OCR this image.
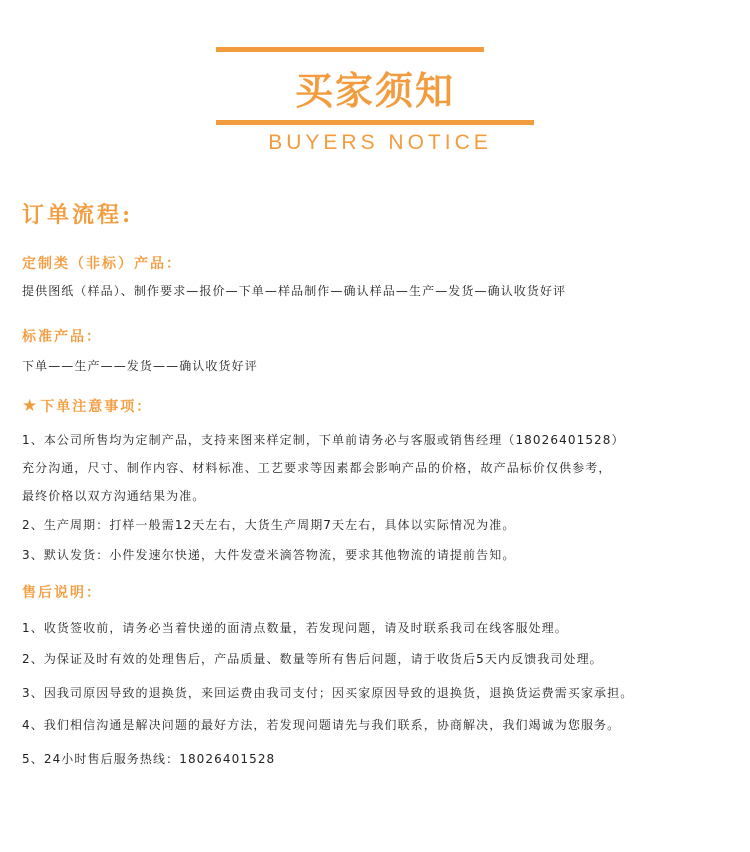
买家须知
BUYERS NOTICE
订单流程:
定制类（非标）产品：
提供图纸（样品）、制作要求—报价—下单—样品制作—确认样品—生产—发货—确认收货好评
标准产品：
下单——生产——发货——确认收货好评
★下单注意事项：
1、本公司所售均为定制产品，支持来图来样定制，下单前请务必与客服或销售经理（18026401528）
充分沟通，尺寸、制作内容、材料标准、工艺要求等因素都会影响产品的价格，故产品标价仅供参考，
最终价格以双方沟通结果为准。
2、生产周期：打样一般需12天左右，大货生产周期7天左右，具体以实际情况为准。
3、默认发货：小件发速尔快递，大件发壹米滴答物流，要求其他物流的请提前告知。
售后说明：
1、收货签收前，请务必当着快递的面清点数量，若发现问题，请及时联系我司在线客服处理。
2、为保证及时有效的处理售后，产品质量、数量等所有售后问题，请于收货后5天内反馈我司处理。
3、因我司原因导致的退换货，来回运费由我司支付；因买家原因导致的退换货，退换货运费需买家承担。
4、我们相信沟通是解决问题的最好方法，若发现问题请先与我们联系，协商解决，我们竭诚为您服务。
5、24小时售后服务热线：18026401528
